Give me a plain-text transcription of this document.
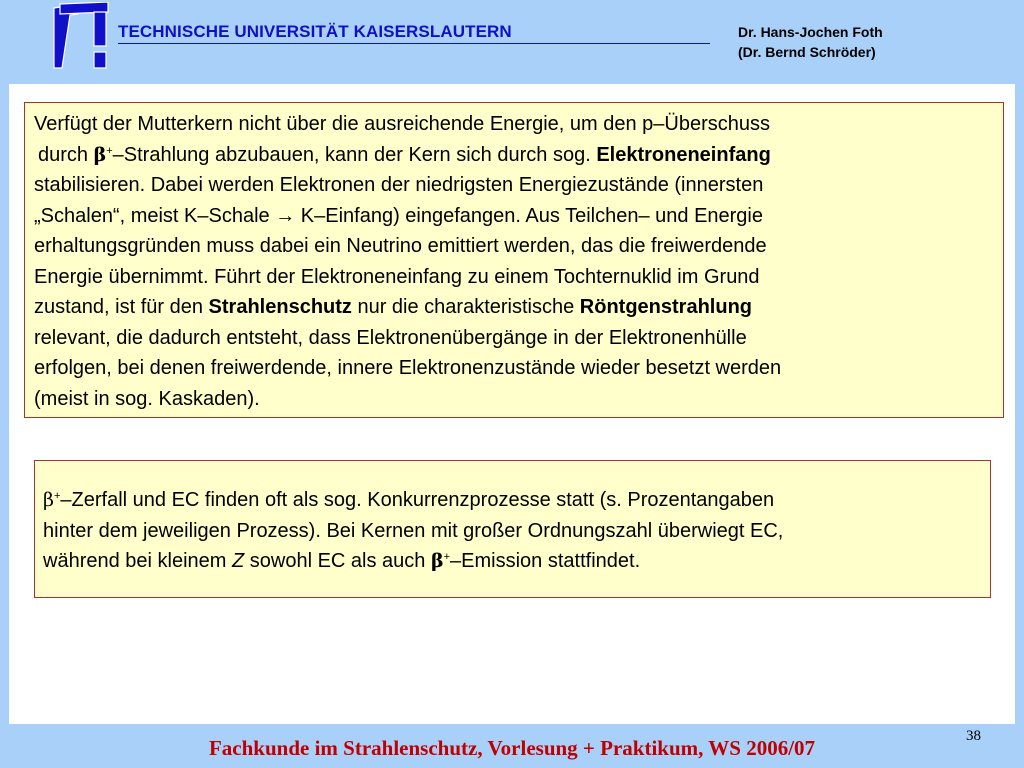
TECHNISCHE UNIVERSITÄT KAISERSLAUTERN	Dr. Hans-Jochen Foth
(Dr. Bernd Schröder)
Verfügt der Mutterkern nicht über die ausreichende Energie, um den p–Überschuss
durch β+–Strahlung abzubauen, kann der Kern sich durch sog. Elektroneneinfang
stabilisieren. Dabei werden Elektronen der niedrigsten Energiezustände (innersten
„Schalen“, meist K–Schale → K–Einfang) eingefangen. Aus Teilchen– und Energie
erhaltungsgründen muss dabei ein Neutrino emittiert werden, das die freiwerdende
Energie übernimmt. Führt der Elektroneneinfang zu einem Tochternuklid im Grund
zustand, ist für den Strahlenschutz nur die charakteristische Röntgenstrahlung
relevant, die dadurch entsteht, dass Elektronenübergänge in der Elektronenhülle
erfolgen, bei denen freiwerdende, innere Elektronenzustände wieder besetzt werden
(meist in sog. Kaskaden).
β+–Zerfall und EC finden oft als sog. Konkurrenzprozesse statt (s. Prozentangaben
hinter dem jeweiligen Prozess). Bei Kernen mit großer Ordnungszahl überwiegt EC,
während bei kleinem Z sowohl EC als auch β+–Emission stattfindet.
38
Fachkunde im Strahlenschutz, Vorlesung + Praktikum, WS 2006/07
